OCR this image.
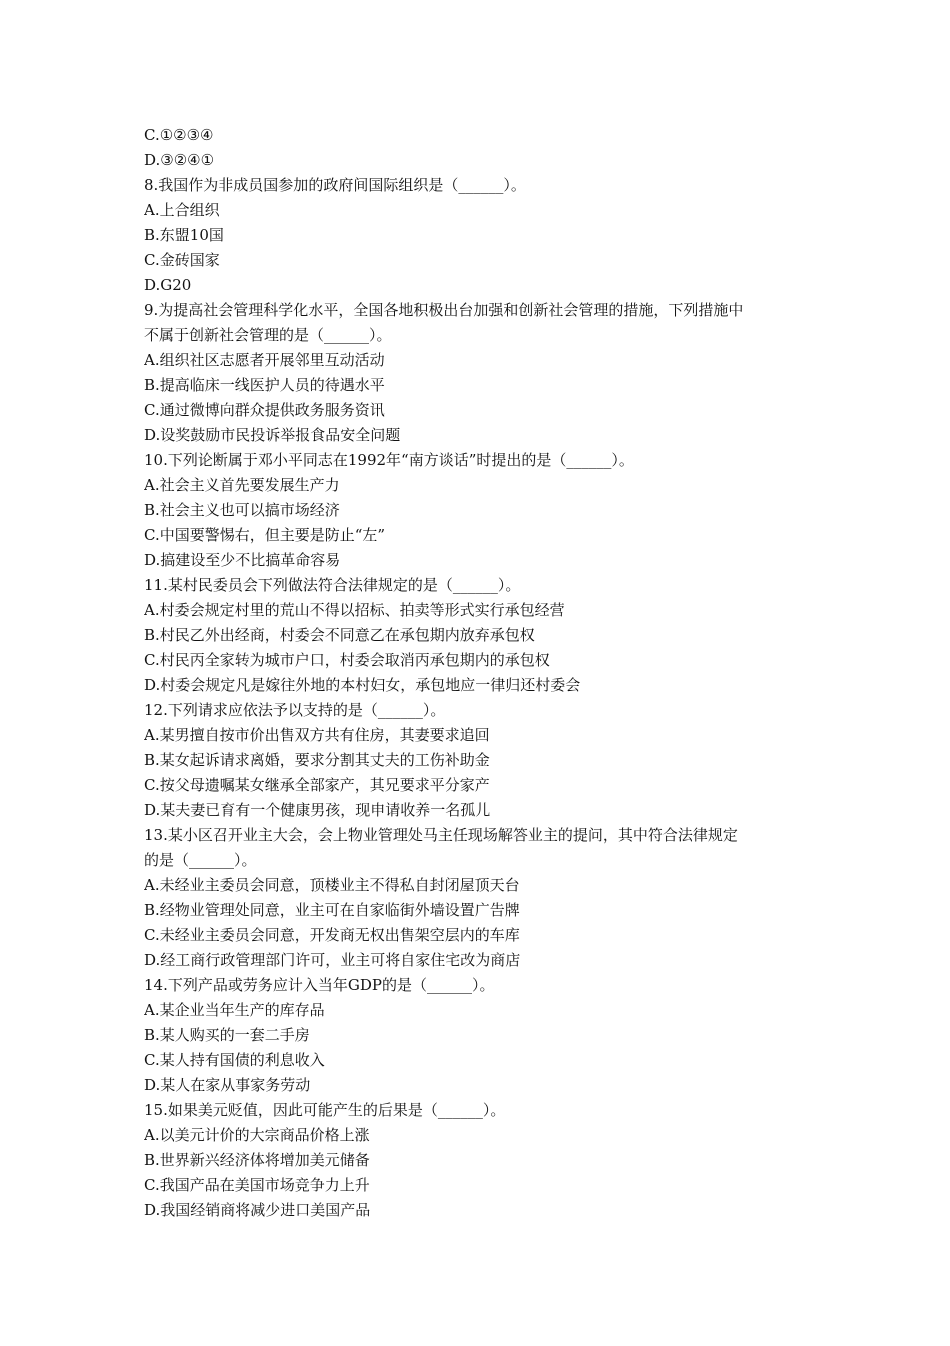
C.①②③④
D.③②④①
8.我国作为非成员国参加的政府间国际组织是（______）。
A.上合组织
B.东盟10国
C.金砖国家
D.G20
9.为提高社会管理科学化水平，全国各地积极出台加强和创新社会管理的措施，下列措施中
不属于创新社会管理的是（______）。
A.组织社区志愿者开展邻里互动活动
B.提高临床一线医护人员的待遇水平
C.通过微博向群众提供政务服务资讯
D.设奖鼓励市民投诉举报食品安全问题
10.下列论断属于邓小平同志在1992年“南方谈话”时提出的是（______）。
A.社会主义首先要发展生产力
B.社会主义也可以搞市场经济
C.中国要警惕右，但主要是防止“左”
D.搞建设至少不比搞革命容易
11.某村民委员会下列做法符合法律规定的是（______）。
A.村委会规定村里的荒山不得以招标、拍卖等形式实行承包经营
B.村民乙外出经商，村委会不同意乙在承包期内放弃承包权
C.村民丙全家转为城市户口，村委会取消丙承包期内的承包权
D.村委会规定凡是嫁往外地的本村妇女，承包地应一律归还村委会
12.下列请求应依法予以支持的是（______）。
A.某男擅自按市价出售双方共有住房，其妻要求追回
B.某女起诉请求离婚，要求分割其丈夫的工伤补助金
C.按父母遗嘱某女继承全部家产，其兄要求平分家产
D.某夫妻已育有一个健康男孩，现申请收养一名孤儿
13.某小区召开业主大会，会上物业管理处马主任现场解答业主的提问，其中符合法律规定
的是（______）。
A.未经业主委员会同意，顶楼业主不得私自封闭屋顶天台
B.经物业管理处同意，业主可在自家临街外墙设置广告牌
C.未经业主委员会同意，开发商无权出售架空层内的车库
D.经工商行政管理部门许可，业主可将自家住宅改为商店
14.下列产品或劳务应计入当年GDP的是（______）。
A.某企业当年生产的库存品
B.某人购买的一套二手房
C.某人持有国债的利息收入
D.某人在家从事家务劳动
15.如果美元贬值，因此可能产生的后果是（______）。
A.以美元计价的大宗商品价格上涨
B.世界新兴经济体将增加美元储备
C.我国产品在美国市场竞争力上升
D.我国经销商将减少进口美国产品
